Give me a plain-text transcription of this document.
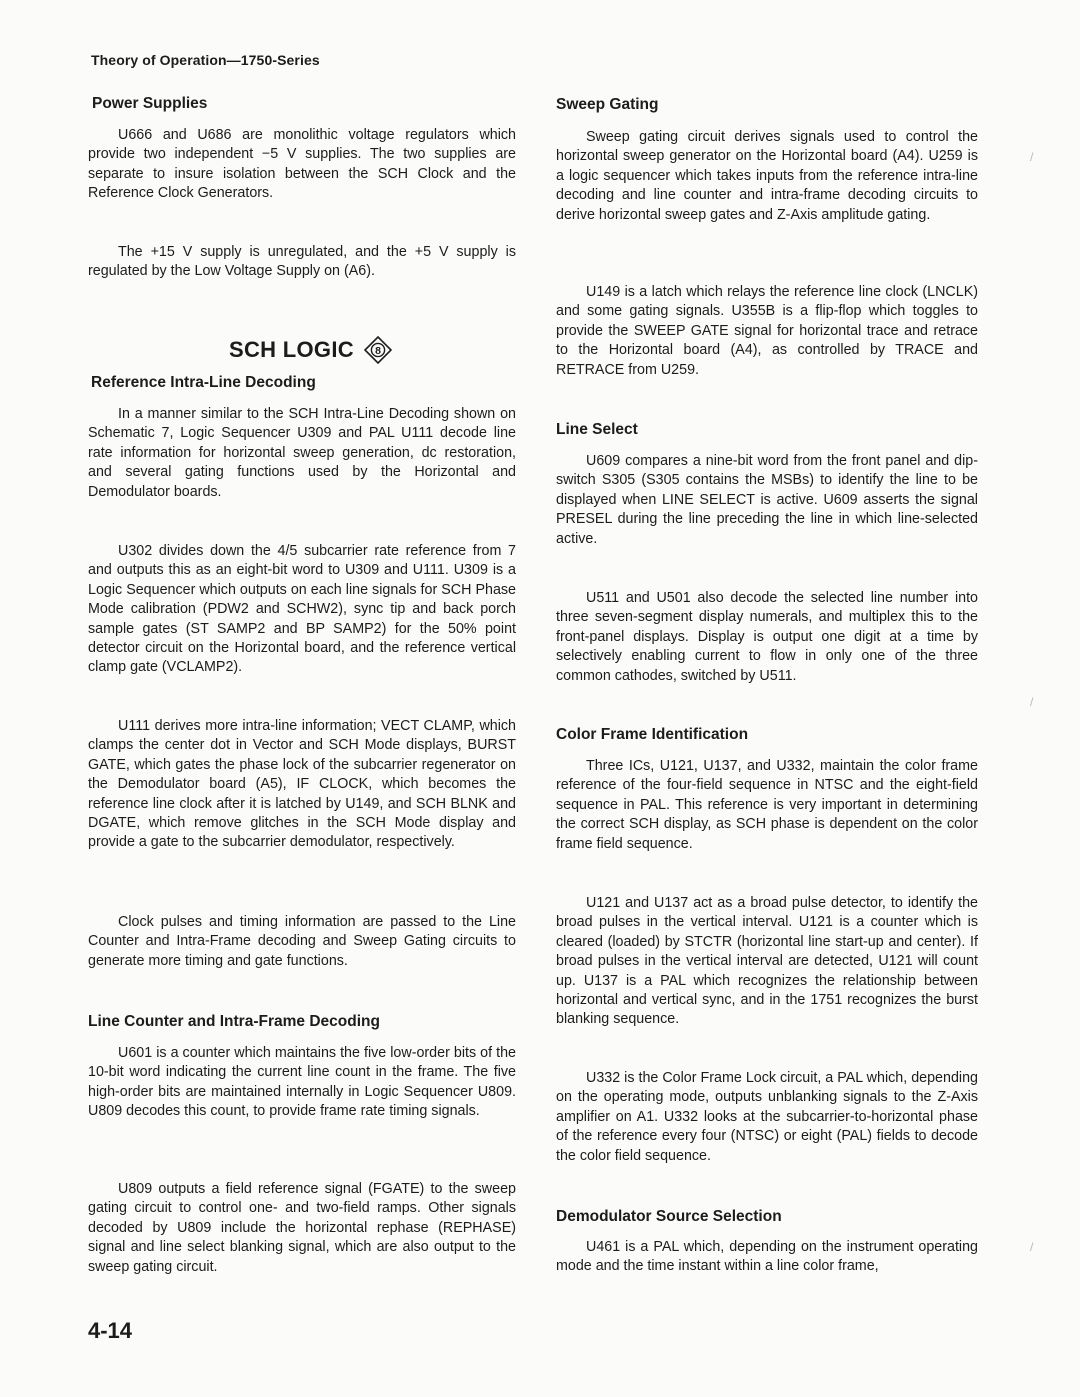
Theory of Operation—1750-Series
Power Supplies

U666 and U686 are monolithic voltage regulators which provide two independent −5 V supplies. The two supplies are separate to insure isolation between the SCH Clock and the Reference Clock Generators.

The +15 V supply is unregulated, and the +5 V supply is regulated by the Low Voltage Supply on (A6).

SCH LOGIC 8
Reference Intra-Line Decoding

In a manner similar to the SCH Intra-Line Decoding shown on Schematic 7, Logic Sequencer U309 and PAL U111 decode line rate information for horizontal sweep generation, dc restoration, and several gating functions used by the Horizontal and Demodulator boards.

U302 divides down the 4/5 subcarrier rate reference from 7 and outputs this as an eight-bit word to U309 and U111. U309 is a Logic Sequencer which outputs on each line signals for SCH Phase Mode calibration (PDW2 and SCHW2), sync tip and back porch sample gates (ST SAMP2 and BP SAMP2) for the 50% point detector circuit on the Horizontal board, and the reference vertical clamp gate (VCLAMP2).

U111 derives more intra-line information; VECT CLAMP, which clamps the center dot in Vector and SCH Mode displays, BURST GATE, which gates the phase lock of the subcarrier regenerator on the Demodulator board (A5), IF CLOCK, which becomes the reference line clock after it is latched by U149, and SCH BLNK and DGATE, which remove glitches in the SCH Mode display and provide a gate to the subcarrier demodulator, respectively.

Clock pulses and timing information are passed to the Line Counter and Intra-Frame decoding and Sweep Gating circuits to generate more timing and gate functions.

Line Counter and Intra-Frame Decoding

U601 is a counter which maintains the five low-order bits of the 10-bit word indicating the current line count in the frame. The five high-order bits are maintained internally in Logic Sequencer U809. U809 decodes this count, to provide frame rate timing signals.

U809 outputs a field reference signal (FGATE) to the sweep gating circuit to control one- and two-field ramps. Other signals decoded by U809 include the horizontal rephase (REPHASE) signal and line select blanking signal, which are also output to the sweep gating circuit.

Sweep Gating

Sweep gating circuit derives signals used to control the horizontal sweep generator on the Horizontal board (A4). U259 is a logic sequencer which takes inputs from the reference intra-line decoding and line counter and intra-frame decoding circuits to derive horizontal sweep gates and Z-Axis amplitude gating.

U149 is a latch which relays the reference line clock (LNCLK) and some gating signals. U355B is a flip-flop which toggles to provide the SWEEP GATE signal for horizontal trace and retrace to the Horizontal board (A4), as controlled by TRACE and RETRACE from U259.

Line Select

U609 compares a nine-bit word from the front panel and dip-switch S305 (S305 contains the MSBs) to identify the line to be displayed when LINE SELECT is active. U609 asserts the signal PRESEL during the line preceding the line in which line-selected active.

U511 and U501 also decode the selected line number into three seven-segment display numerals, and multiplex this to the front-panel displays. Display is output one digit at a time by selectively enabling current to flow in only one of the three common cathodes, switched by U511.

Color Frame Identification

Three ICs, U121, U137, and U332, maintain the color frame reference of the four-field sequence in NTSC and the eight-field sequence in PAL. This reference is very important in determining the correct SCH display, as SCH phase is dependent on the color frame field sequence.

U121 and U137 act as a broad pulse detector, to identify the broad pulses in the vertical interval. U121 is a counter which is cleared (loaded) by STCTR (horizontal line start-up and center). If broad pulses in the vertical interval are detected, U121 will count up. U137 is a PAL which recognizes the relationship between horizontal and vertical sync, and in the 1751 recognizes the burst blanking sequence.

U332 is the Color Frame Lock circuit, a PAL which, depending on the operating mode, outputs unblanking signals to the Z-Axis amplifier on A1. U332 looks at the subcarrier-to-horizontal phase of the reference every four (NTSC) or eight (PAL) fields to decode the color field sequence.

Demodulator Source Selection

U461 is a PAL which, depending on the instrument operating mode and the time instant within a line color frame,

4-14
/
/
/
